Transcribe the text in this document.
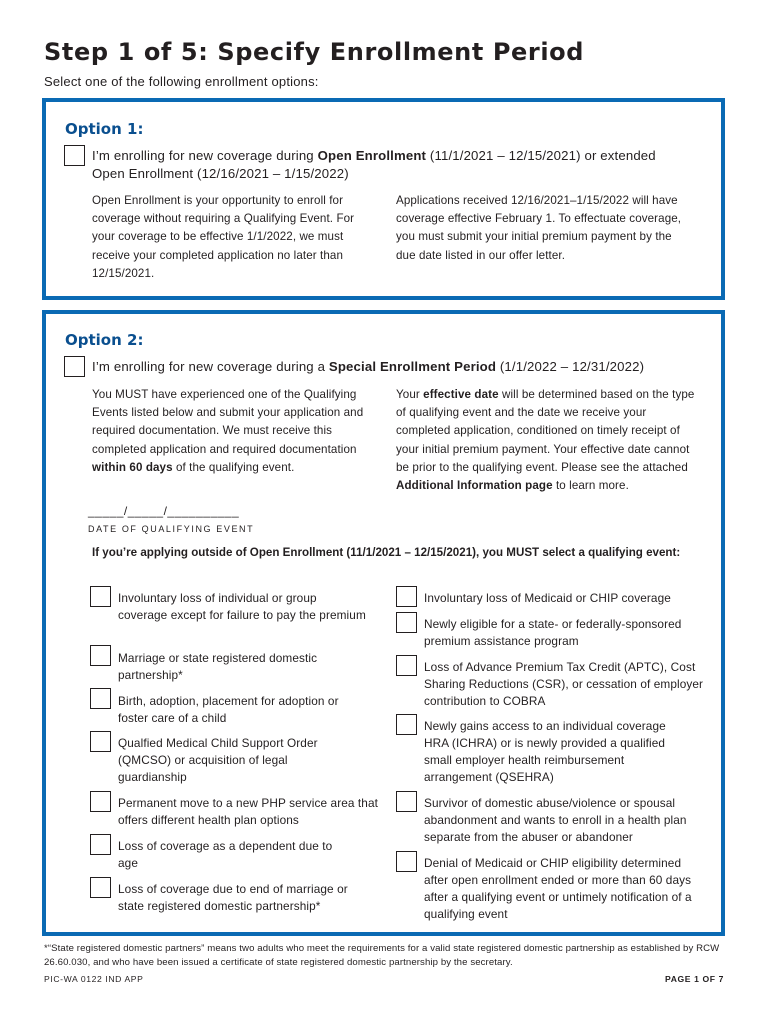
Step 1 of 5: Specify Enrollment Period
Select one of the following enrollment options:
Option 1:
I’m enrolling for new coverage during Open Enrollment (11/1/2021 – 12/15/2021) or extended Open Enrollment (12/16/2021 – 1/15/2022)
Open Enrollment is your opportunity to enroll for coverage without requiring a Qualifying Event. For your coverage to be effective 1/1/2022, we must receive your completed application no later than 12/15/2021.
Applications received 12/16/2021–1/15/2022 will have coverage effective February 1. To effectuate coverage, you must submit your initial premium payment by the due date listed in our offer letter.
Option 2:
I’m enrolling for new coverage during a Special Enrollment Period (1/1/2022 – 12/31/2022)
You MUST have experienced one of the Qualifying Events listed below and submit your application and required documentation. We must receive this completed application and required documentation within 60 days of the qualifying event.
Your effective date will be determined based on the type of qualifying event and the date we receive your completed application, conditioned on timely receipt of your initial premium payment. Your effective date cannot be prior to the qualifying event. Please see the attached Additional Information page to learn more.
_____/_____/__________
DATE OF QUALIFYING EVENT
If you’re applying outside of Open Enrollment (11/1/2021 – 12/15/2021), you MUST select a qualifying event:
Involuntary loss of individual or group coverage except for failure to pay the premium
Marriage or state registered domestic partnership*
Birth, adoption, placement for adoption or foster care of a child
Qualfied Medical Child Support Order (QMCSO) or acquisition of legal guardianship
Permanent move to a new PHP service area that offers different health plan options
Loss of coverage as a dependent due to age
Loss of coverage due to end of marriage or state registered domestic partnership*
Involuntary loss of Medicaid or CHIP coverage
Newly eligible for a state- or federally-sponsored premium assistance program
Loss of Advance Premium Tax Credit (APTC), Cost Sharing Reductions (CSR), or cessation of employer contribution to COBRA
Newly gains access to an individual coverage HRA (ICHRA) or is newly provided a qualified small employer health reimbursement arrangement (QSEHRA)
Survivor of domestic abuse/violence or spousal abandonment and wants to enroll in a health plan separate from the abuser or abandoner
Denial of Medicaid or CHIP eligibility determined after open enrollment ended or more than 60 days after a qualifying event or untimely notification of a qualifying event
*“State registered domestic partners” means two adults who meet the requirements for a valid state registered domestic partnership as established by RCW 26.60.030, and who have been issued a certificate of state registered domestic partnership by the secretary.
PIC-WA 0122 IND APP	PAGE 1 OF 7
